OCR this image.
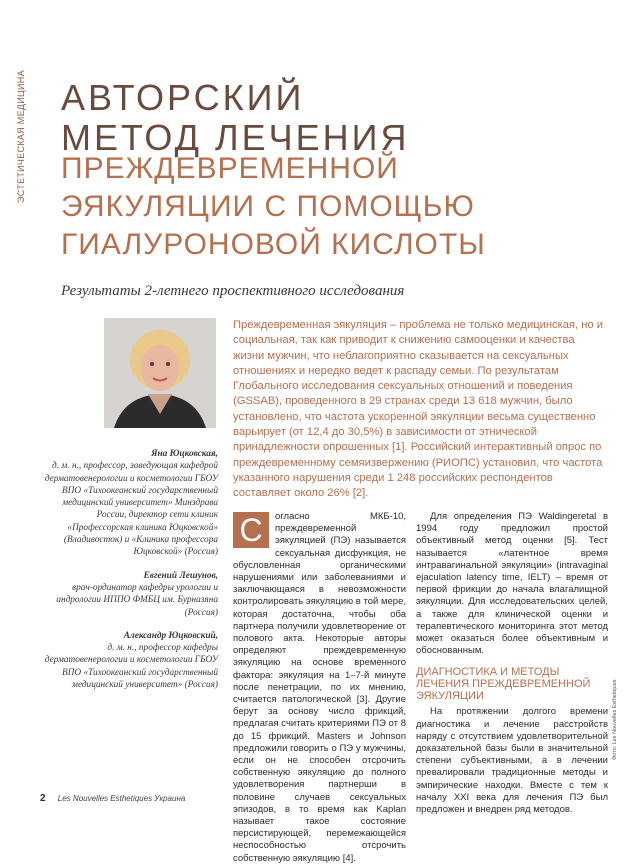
ЭСТЕТИЧЕСКАЯ МЕДИЦИНА АВТОРСКИЙ
МЕТОД ЛЕЧЕНИЯ
ПРЕЖДЕВРЕМЕННОЙ
ЭЯКУЛЯЦИИ С ПОМОЩЬЮ
ГИАЛУРОНОВОЙ КИСЛОТЫ
Результаты 2-летнего проспективного исследования
Преждевременная эякуляция – проблема не только медицинская, но и социальная, так как приводит к снижению самооценки и качества жизни мужчин, что неблагоприятно сказывается на сексуальных отношениях и нередко ведет к распаду семьи. По результатам Глобального исследования сексуальных отношений и поведения (GSSAB), проведенного в 29 странах среди 13 618 мужчин, было установлено, что частота ускоренной эякуляции весьма существенно варьирует (от 12,4 до 30,5%) в зависимости от этнической принадлежности опрошенных [1]. Российский интерактивный опрос по преждевременному семяизвержению (РИОПС) установил, что частота указанного нарушения среди 1 248 российских респондентов составляет около 26% [2].
Яна Юцковская,
д. м. н., профессор, заведующая кафедрой дерматовенерологии и косметологии ГБОУ ВПО «Тихоокеанский государственный медицинский университет» Минздрава России, директор сети клиник «Профессорская клиника Юцковской» (Владивосток) и «Клиника профессора Юцковской» (Россия)
Евгений Лешунов,
врач-ординатор кафедры урологии и андрологии ИППО ФМБЦ им. Бурназяна (Россия)
Александр Юцковский,
д. м. н., профессор кафедры дерматовенерологии и косметологии ГБОУ ВПО «Тихоокеанский государственный медицинский университет» (Россия)
С	огласно МКБ-10, преждевременной эякуляцией (ПЭ) называется сексуальная дисфункция, не обусловленная органическими нарушениями или заболеваниями и заключающаяся в невозможности контролировать эякуляцию в той мере, которая достаточна, чтобы оба партнера получили удовлетворение от полового акта. Некоторые авторы определяют преждевременную эякуляцию на основе временного фактора: эякуляция на 1–7-й минуте после пенетрации, по их мнению, считается патологической [3]. Другие берут за основу число фрикций, предлагая считать критериями ПЭ от 8 до 15 фрикций. Masters и Johnson предложили говорить о ПЭ у мужчины, если он не способен отсрочить собственную эякуляцию до полного удовлетворения партнерши в половине случаев сексуальных эпизодов, в то время как Kaplan называет такое состояние персистирующей, перемежающейся неспособностью отсрочить собственную эякуляцию [4].

Для определения ПЭ Waldingeretal в 1994 году предложил простой объективный метод оценки [5]. Тест называется «латентное время интравагинальной эякуляции» (intravaginal ejaculation latency time, IELT) – время от первой фрикции до начала влагалищной эякуляции. Для исследовательских целей, а также для клинической оценки и терапевтического мониторинга этот метод может оказаться более объективным и обоснованным.

ДИАГНОСТИКА И МЕТОДЫ ЛЕЧЕНИЯ ПРЕЖДЕВРЕМЕННОЙ ЭЯКУЛЯЦИИ

На протяжении долгого времени диагностика и лечение расстройств наряду с отсутствием удовлетворительной доказательной базы были в значительной степени субъективными, а в лечении превалировали традиционные методы и эмпирические находки. Вместе с тем к началу XXI века для лечения ПЭ был предложен и внедрен ряд методов.

Фото: Les Nouvelles Esthetiques
2 Les Nouvelles Esthetiques Украина
